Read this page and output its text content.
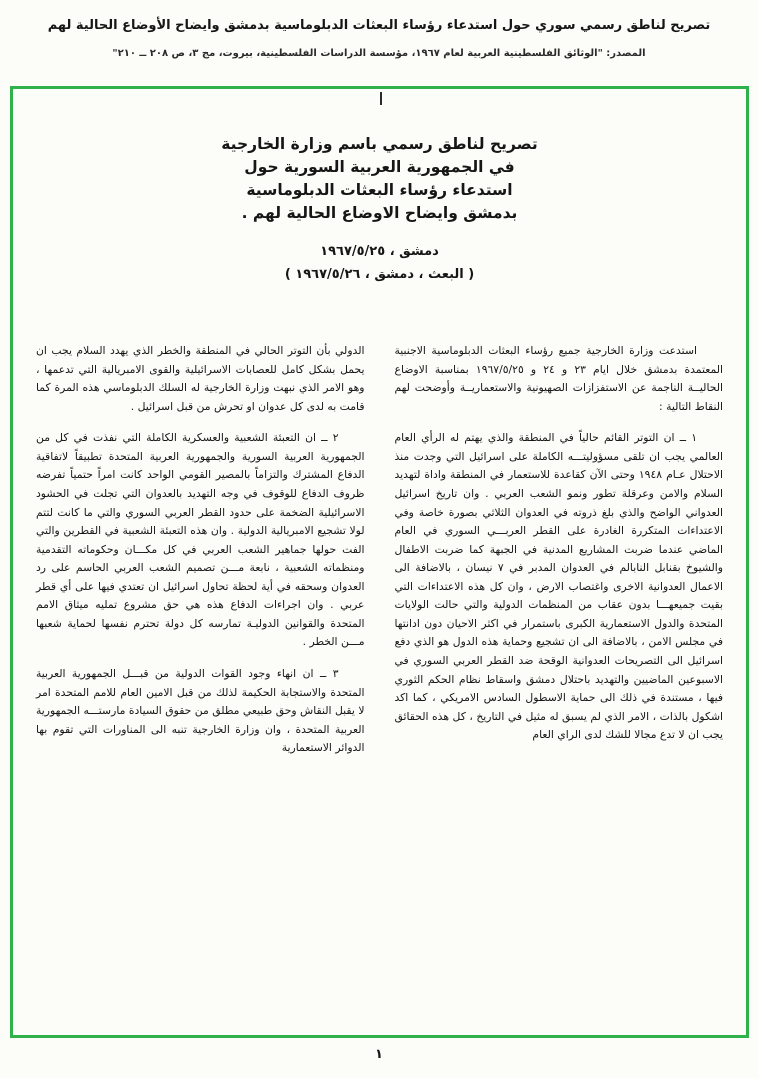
تصريح لناطق رسمي سوري حول استدعاء رؤساء البعثات الدبلوماسية بدمشق وايضاح الأوضاع الحالية لهم
المصدر: "الوثائق الفلسطينية العربية لعام ١٩٦٧، مؤسسة الدراسات الفلسطينية، بيروت، مج ٣، ص ٢٠٨ ــ ٢١٠"
تصريح لناطق رسمي باسم وزارة الخارجية
في الجمهورية العربية السورية حول
استدعاء رؤساء البعثات الدبلوماسية
بدمشق وايضاح الاوضاع الحالية لهم .
دمشق ، ١٩٦٧/٥/٢٥
( البعث ، دمشق ، ١٩٦٧/٥/٢٦ )

استدعت وزارة الخارجية جميع رؤساء البعثات الدبلوماسية الاجنبية المعتمدة بدمشق خلال ايام ٢٣ و ٢٤ و ١٩٦٧/٥/٢٥ بمناسبة الاوضاع الحاليــة الناجمة عن الاستفزازات الصهيونية والاستعماريــة وأوضحت لهم النقاط التالية :

١ ــ ان التوتر القائم حالياً في المنطقة والذي يهتم له الرأي العام العالمي يجب ان تلقى مسؤوليتـــه الكاملة على اسرائيل التي وجدت منذ الاحتلال عـام ١٩٤٨ وحتى الآن كقاعدة للاستعمار في المنطقة واداة لتهديد السلام والامن وعرقلة تطور ونمو الشعب العربي . وان تاريخ اسرائيل العدواني الواضح والذي بلغ ذروته في العدوان الثلاثي بصورة خاصة وفي الاعتداءات المتكررة الغادرة على القطر العربـــي السوري في العام الماضي عندما ضربت المشاريع المدنية في الجبهة كما ضربت الاطفال والشيوخ بقنابل النابالم في العدوان المدبر في ٧ نيسان ، بالاضافة الى الاعمال العدوانية الاخرى واغتصاب الارض ، وان كل هذه الاعتداءات التي بقيت جميعهـــا بدون عقاب من المنظمات الدولية والتي حالت الولايات المتحدة والدول الاستعمارية الكبرى باستمرار في اكثر الاحيان دون ادانتها في مجلس الامن ، بالاضافة الى ان تشجيع وحماية هذه الدول هو الذي دفع اسرائيل الى التصريحات العدوانية الوقحة ضد القطر العربي السوري في الاسبوعين الماضيين والتهديد باحتلال دمشق واسقاط نظام الحكم الثوري فيها ، مستندة في ذلك الى حماية الاسطول السادس الامريكي ، كما اكد اشكول بالذات ، الامر الذي لم يسبق له مثيل في التاريخ ، كل هذه الحقائق يجب ان لا تدع مجالا للشك لدى الراي العام

الدولي بأن التوتر الحالي في المنطقة والخطر الذي يهدد السلام يجب ان يحمل بشكل كامل للعصابات الاسرائيلية والقوى الامبريالية التي تدعمها ، وهو الامر الذي نبهت وزارة الخارجية له السلك الدبلوماسي هذه المرة كما قامت به لدى كل عدوان او تحرش من قبل اسرائيل .

٢ ــ ان التعبئة الشعبية والعسكرية الكاملة التي نفذت في كل من الجمهورية العربية السورية والجمهورية العربية المتحدة تطبيقاً لاتفاقية الدفاع المشترك والتزاماً بالمصير القومي الواحد كانت امراً حتمياً تفرضه ظروف الدفاع للوقوف في وجه التهديد بالعدوان التي تجلت في الحشود الاسرائيلية الضخمة على حدود القطر العربي السوري والتي ما كانت لتتم لولا تشجيع الامبريالية الدولية . وان هذه التعبئة الشعبية في القطرين والتي الفت حولها جماهير الشعب العربي في كل مكـــان وحكوماته التقدمية ومنظماته الشعبية ، نابعة مـــن تصميم الشعب العربي الحاسم على رد العدوان وسحقه في أية لحظة تحاول اسرائيل ان تعتدي فيها على أي قطر عربي . وان اجراءات الدفاع هذه هي حق مشروع تمليه ميثاق الامم المتحدة والقوانين الدوليـة تمارسه كل دولة تحترم نفسها لحماية شعبها مـــن الخطر .

٣ ــ ان انهاء وجود القوات الدولية من قبـــل الجمهورية العربية المتحدة والاستجابة الحكيمة لذلك من قبل الامين العام للامم المتحدة امر لا يقبل النقاش وحق طبيعي مطلق من حقوق السيادة مارستـــه الجمهورية العربية المتحدة ، وان وزارة الخارجية تنبه الى المناورات التي تقوم بها الدوائر الاستعمارية

١
